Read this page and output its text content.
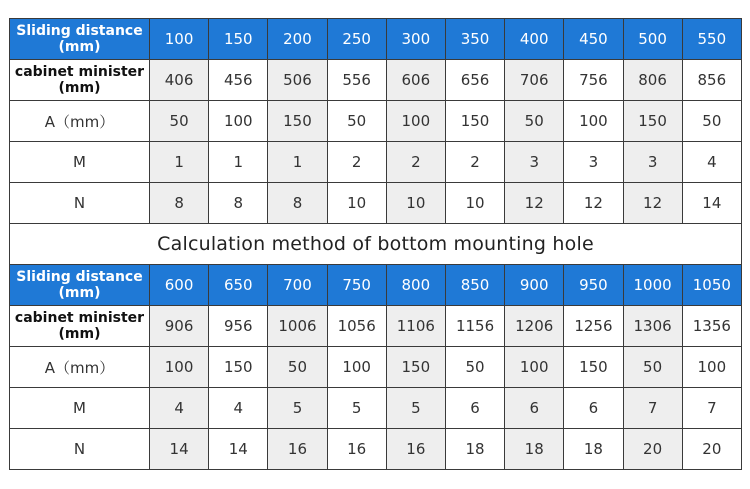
Sliding distance
(mm)	100	150	200	250	300	350	400	450	500	550
cabinet minister
(mm)	406	456	506	556	606	656	706	756	806	856
A（mm）	50	100	150	50	100	150	50	100	150	50
M	1	1	1	2	2	2	3	3	3	4
N	8	8	8	10	10	10	12	12	12	14
Calculation method of bottom mounting hole
Sliding distance
(mm)	600	650	700	750	800	850	900	950	1000	1050
cabinet minister
(mm)	906	956	1006	1056	1106	1156	1206	1256	1306	1356
A（mm）	100	150	50	100	150	50	100	150	50	100
M	4	4	5	5	5	6	6	6	7	7
N	14	14	16	16	16	18	18	18	20	20
